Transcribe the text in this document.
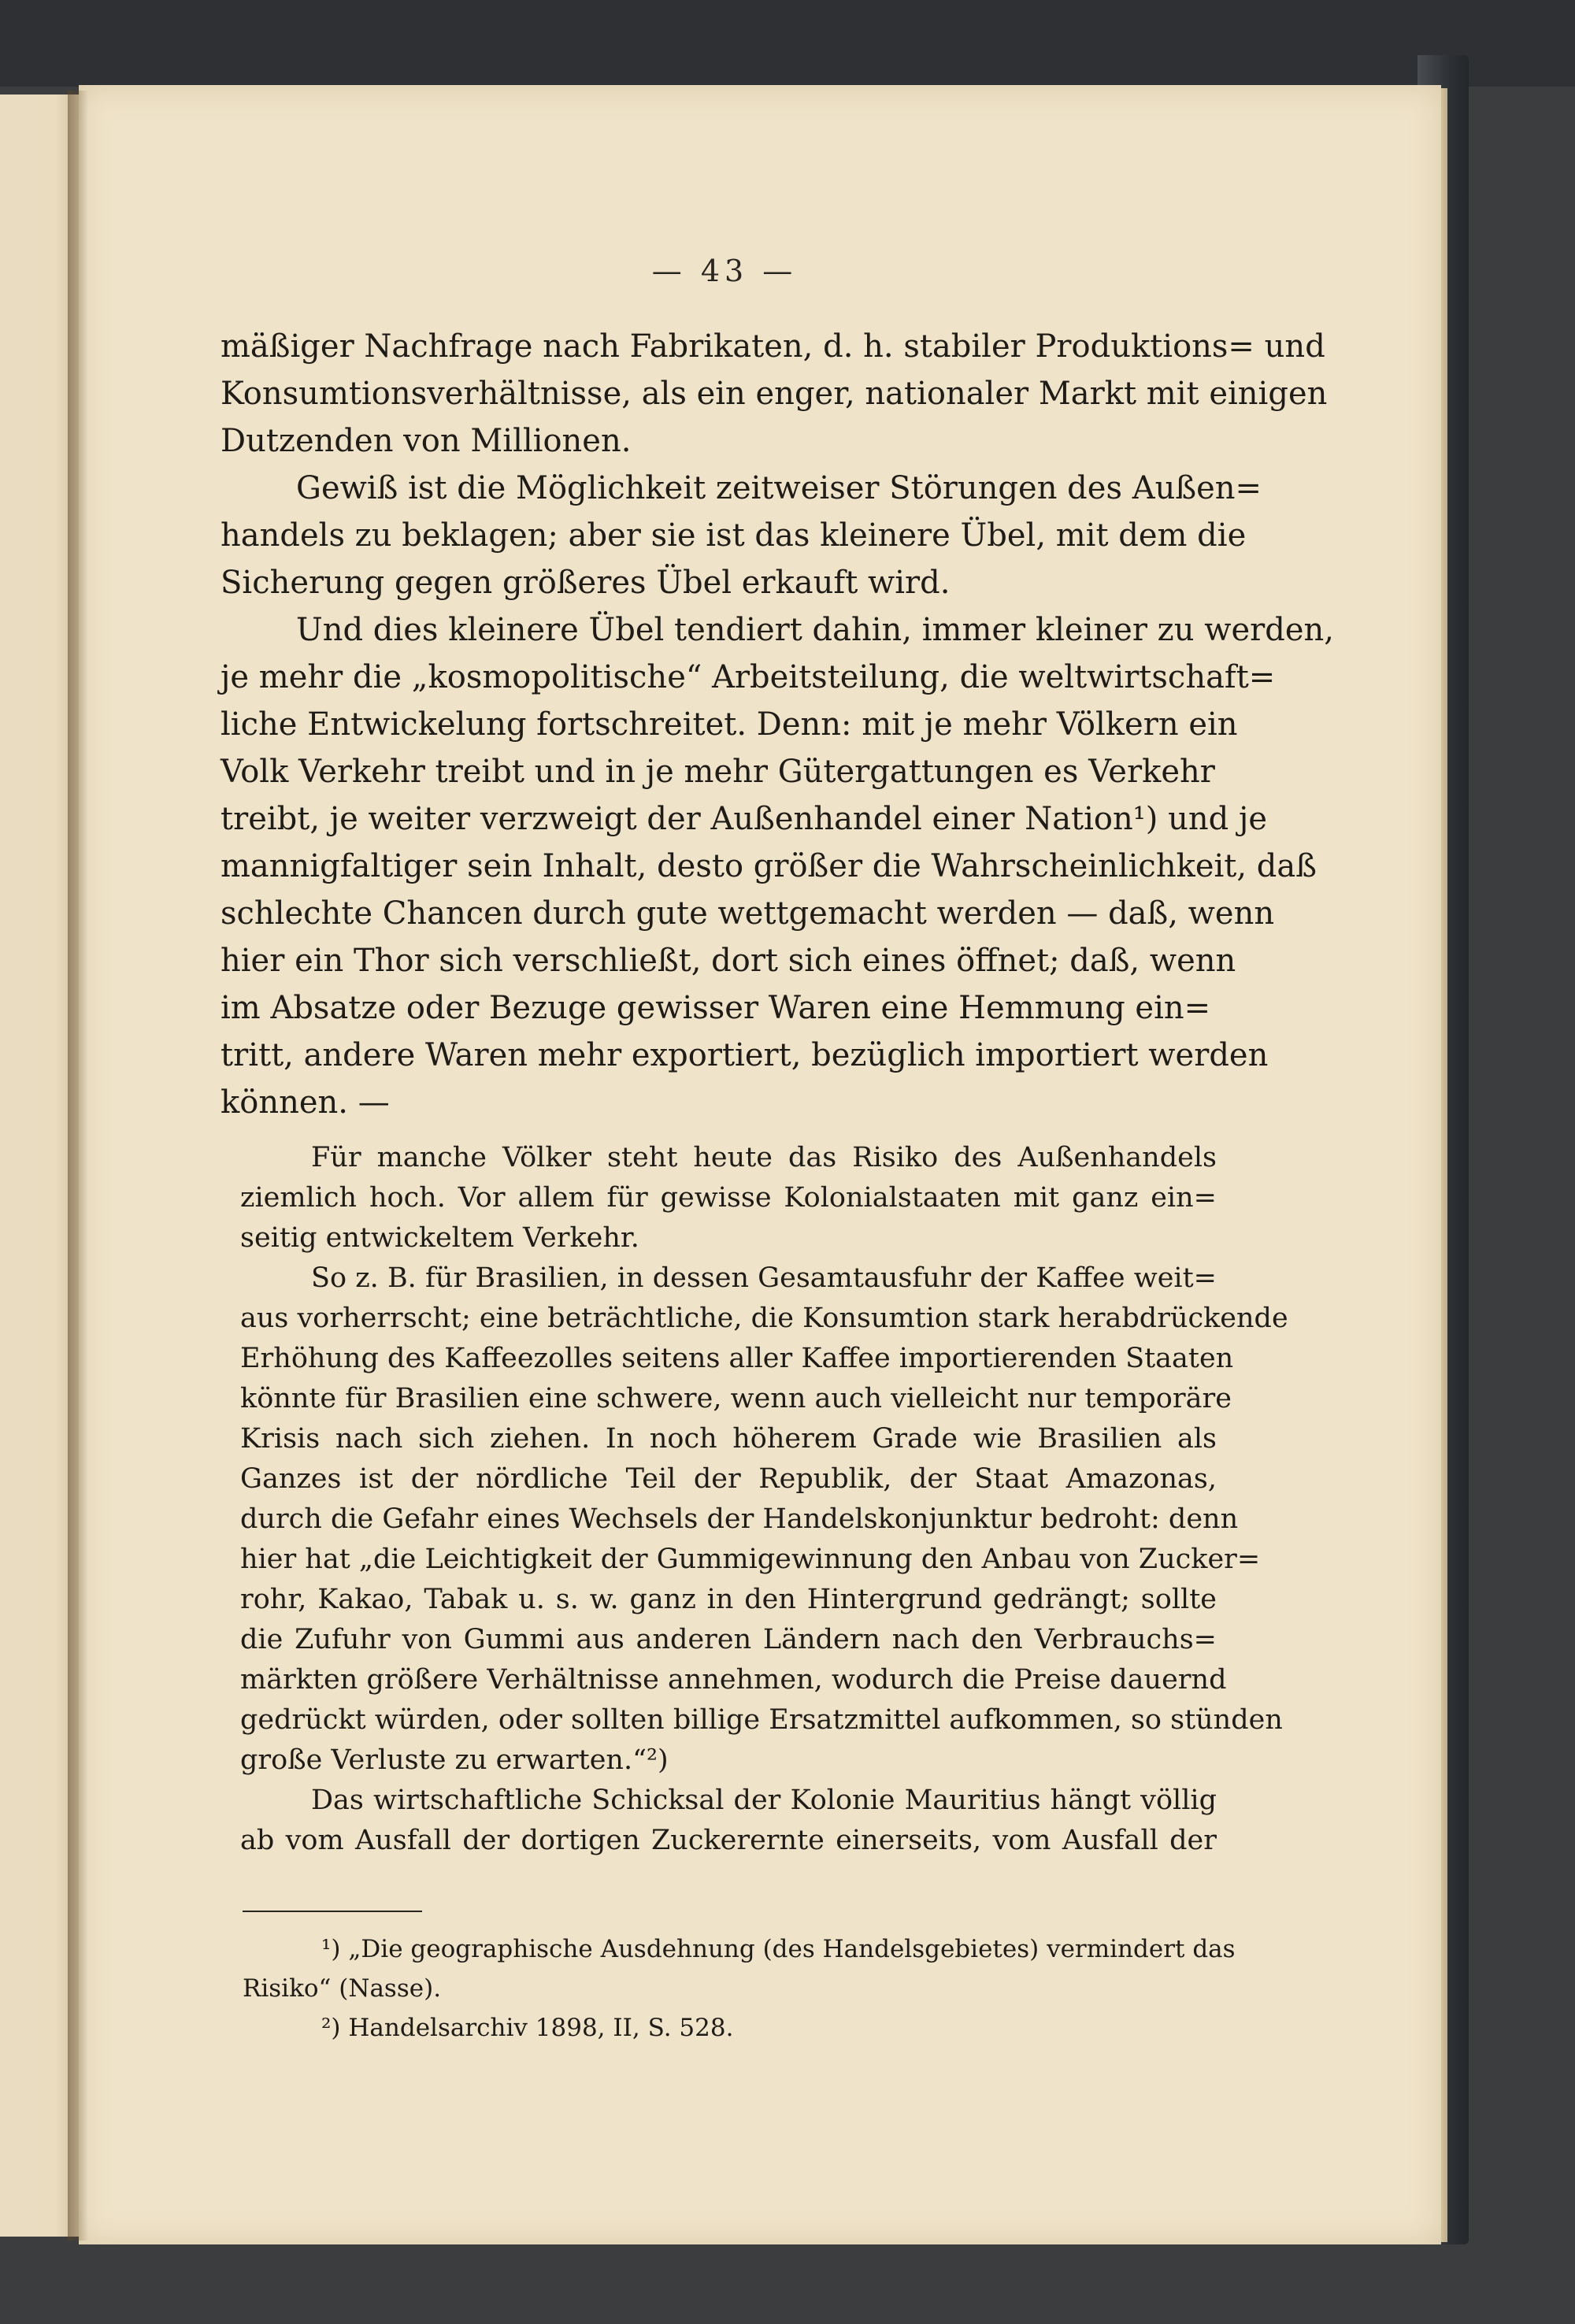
— 43 —
mäßiger Nachfrage nach Fabrikaten, d. h. stabiler Produktions= und
Konsumtionsverhältnisse, als ein enger, nationaler Markt mit einigen
Dutzenden von Millionen.
Gewiß ist die Möglichkeit zeitweiser Störungen des Außen=
handels zu beklagen; aber sie ist das kleinere Übel, mit dem die
Sicherung gegen größeres Übel erkauft wird.
Und dies kleinere Übel tendiert dahin, immer kleiner zu werden,
je mehr die „kosmopolitische“ Arbeitsteilung, die weltwirtschaft=
liche Entwickelung fortschreitet. Denn: mit je mehr Völkern ein
Volk Verkehr treibt und in je mehr Gütergattungen es Verkehr
treibt, je weiter verzweigt der Außenhandel einer Nation¹) und je
mannigfaltiger sein Inhalt, desto größer die Wahrscheinlichkeit, daß
schlechte Chancen durch gute wettgemacht werden — daß, wenn
hier ein Thor sich verschließt, dort sich eines öffnet; daß, wenn
im Absatze oder Bezuge gewisser Waren eine Hemmung ein=
tritt, andere Waren mehr exportiert, bezüglich importiert werden
können. —
Für manche Völker steht heute das Risiko des Außenhandels
ziemlich hoch. Vor allem für gewisse Kolonialstaaten mit ganz ein=
seitig entwickeltem Verkehr.
So z. B. für Brasilien, in dessen Gesamtausfuhr der Kaffee weit=
aus vorherrscht; eine beträchtliche, die Konsumtion stark herabdrückende
Erhöhung des Kaffeezolles seitens aller Kaffee importierenden Staaten
könnte für Brasilien eine schwere, wenn auch vielleicht nur temporäre
Krisis nach sich ziehen. In noch höherem Grade wie Brasilien als
Ganzes ist der nördliche Teil der Republik, der Staat Amazonas,
durch die Gefahr eines Wechsels der Handelskonjunktur bedroht: denn
hier hat „die Leichtigkeit der Gummigewinnung den Anbau von Zucker=
rohr, Kakao, Tabak u. s. w. ganz in den Hintergrund gedrängt; sollte
die Zufuhr von Gummi aus anderen Ländern nach den Verbrauchs=
märkten größere Verhältnisse annehmen, wodurch die Preise dauernd
gedrückt würden, oder sollten billige Ersatzmittel aufkommen, so stünden
große Verluste zu erwarten.“²)
Das wirtschaftliche Schicksal der Kolonie Mauritius hängt völlig
ab vom Ausfall der dortigen Zuckerernte einerseits, vom Ausfall der
¹) „Die geographische Ausdehnung (des Handelsgebietes) vermindert das
Risiko“ (Nasse).
²) Handelsarchiv 1898, II, S. 528.
